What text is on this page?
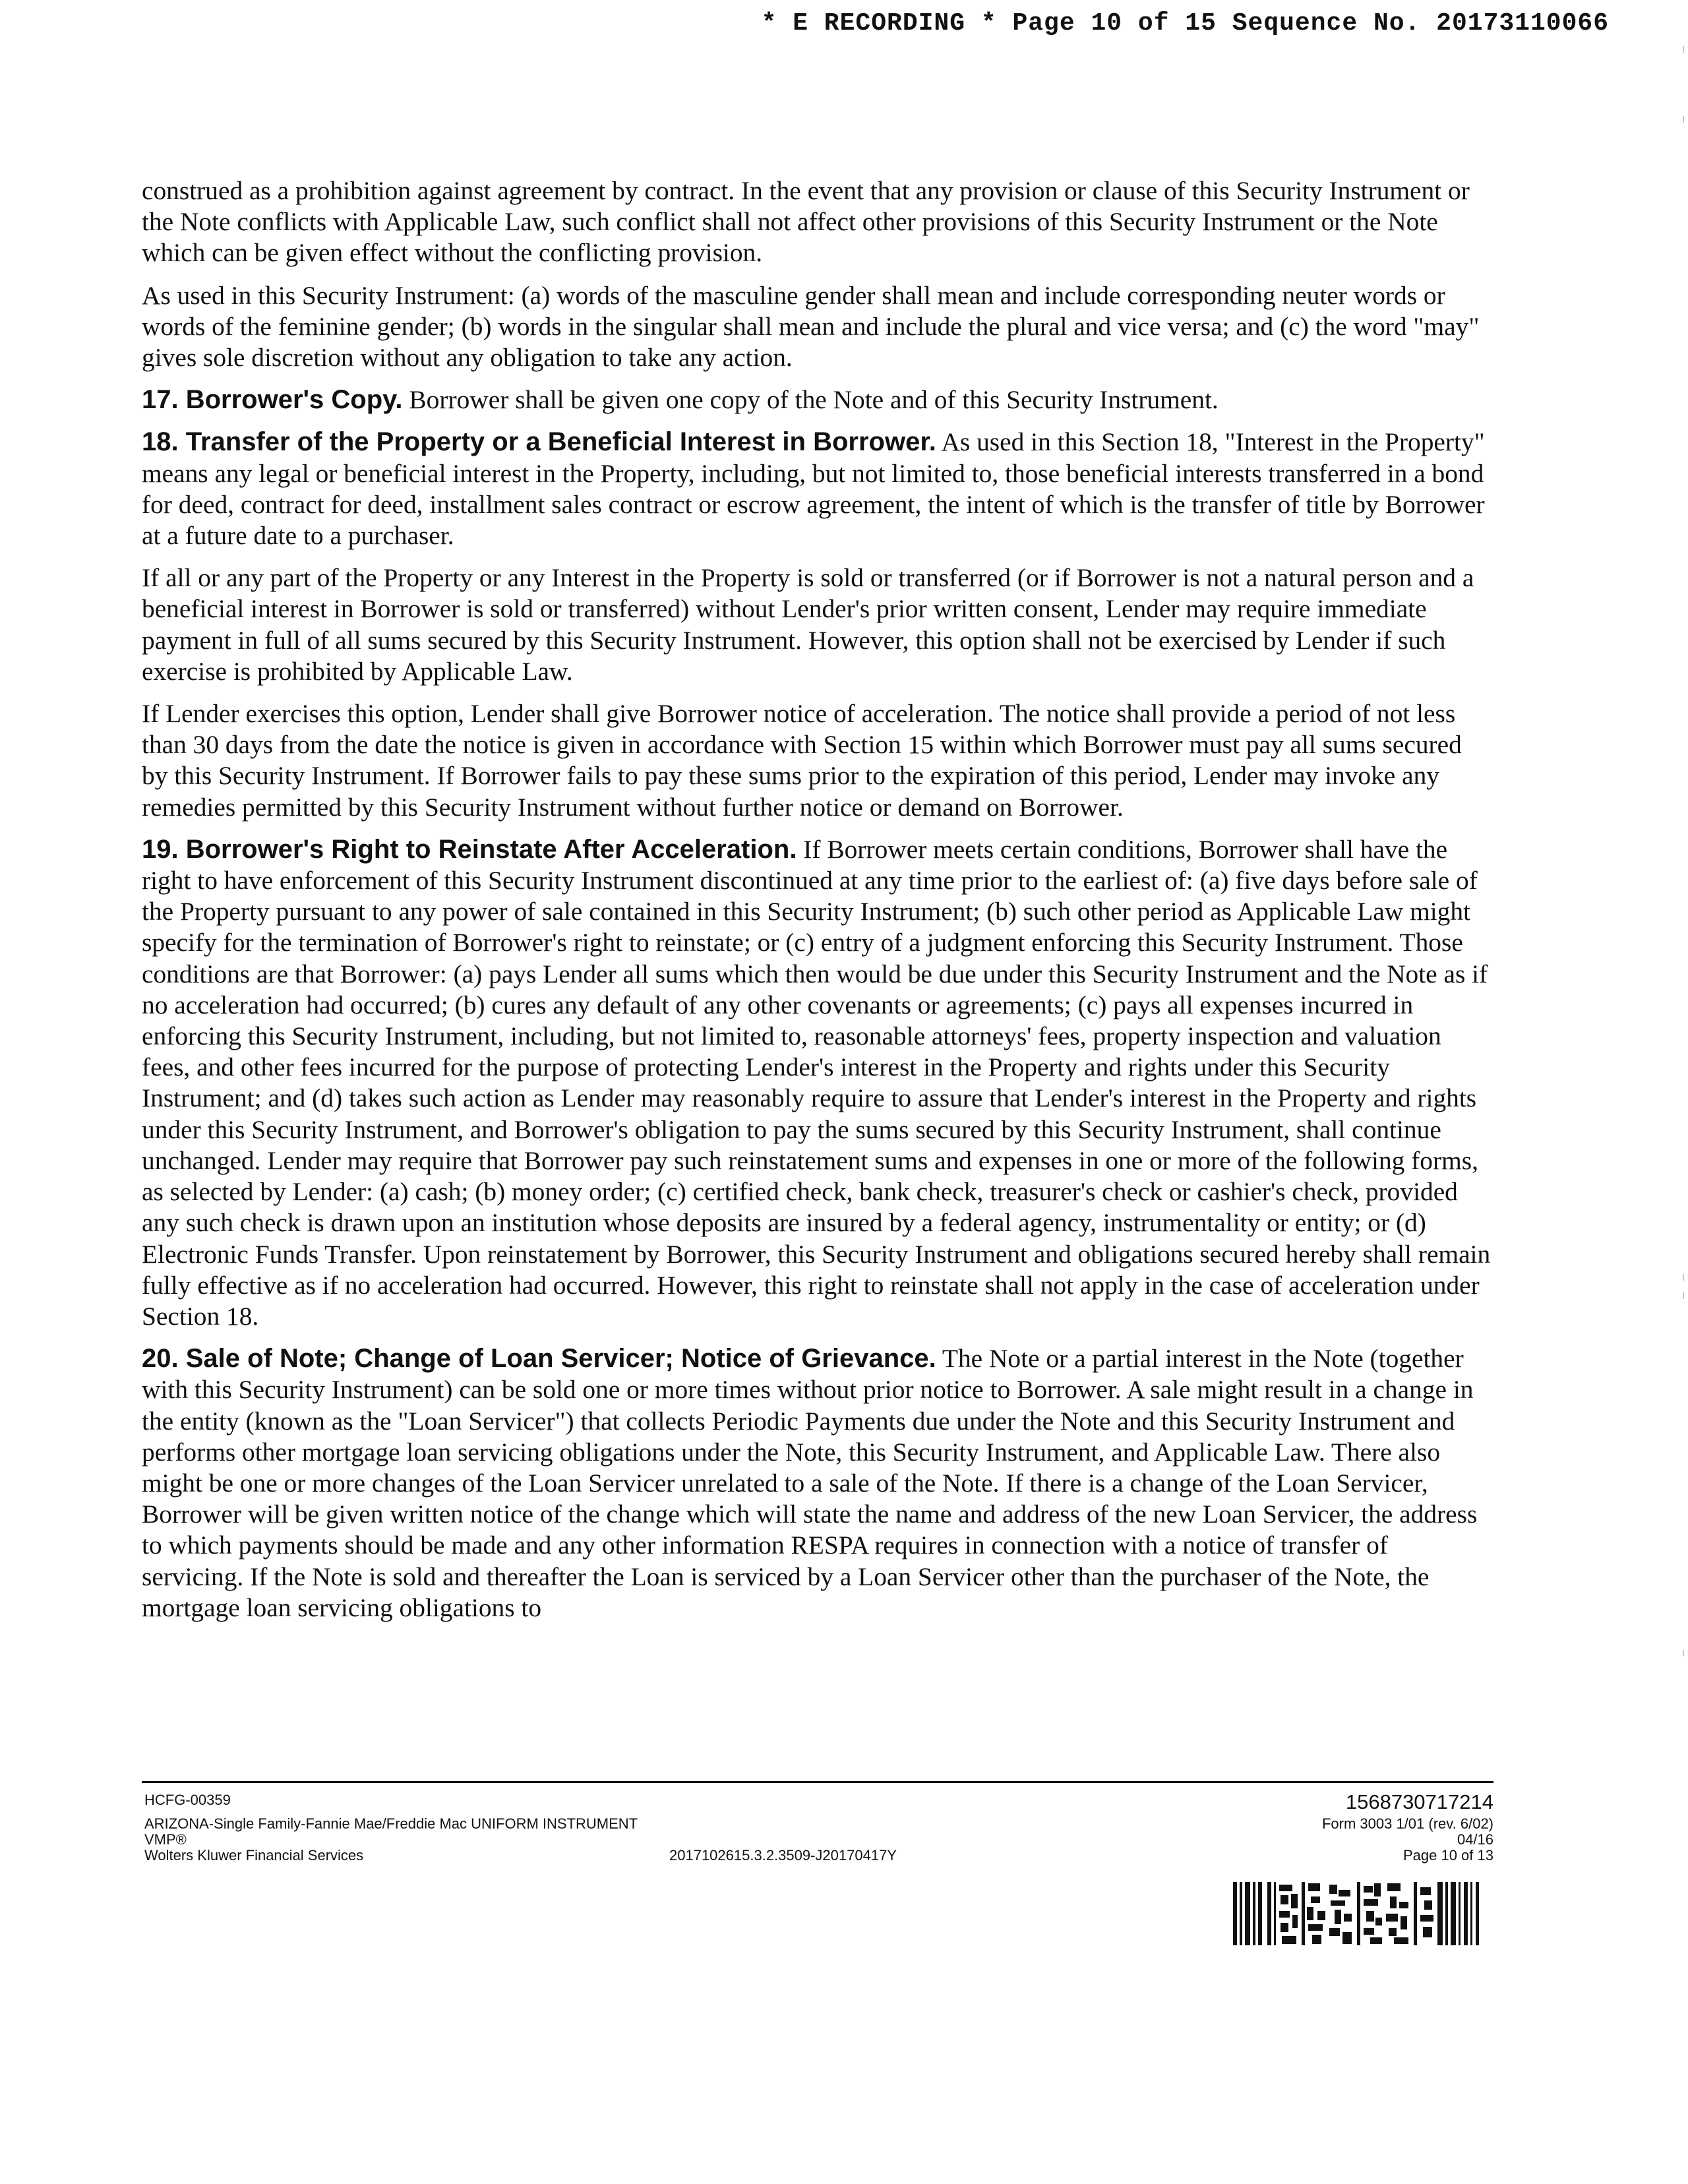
* E RECORDING * Page 10 of 15 Sequence No. 20173110066

construed as a prohibition against agreement by contract. In the event that any provision or clause of this Security Instrument or the Note conflicts with Applicable Law, such conflict shall not affect other provisions of this Security Instrument or the Note which can be given effect without the conflicting provision.

As used in this Security Instrument: (a) words of the masculine gender shall mean and include corresponding neuter words or words of the feminine gender; (b) words in the singular shall mean and include the plural and vice versa; and (c) the word "may" gives sole discretion without any obligation to take any action.

17. Borrower's Copy. Borrower shall be given one copy of the Note and of this Security Instrument.

18. Transfer of the Property or a Beneficial Interest in Borrower. As used in this Section 18, "Interest in the Property" means any legal or beneficial interest in the Property, including, but not limited to, those beneficial interests transferred in a bond for deed, contract for deed, installment sales contract or escrow agreement, the intent of which is the transfer of title by Borrower at a future date to a purchaser.

If all or any part of the Property or any Interest in the Property is sold or transferred (or if Borrower is not a natural person and a beneficial interest in Borrower is sold or transferred) without Lender's prior written consent, Lender may require immediate payment in full of all sums secured by this Security Instrument. However, this option shall not be exercised by Lender if such exercise is prohibited by Applicable Law.

If Lender exercises this option, Lender shall give Borrower notice of acceleration. The notice shall provide a period of not less than 30 days from the date the notice is given in accordance with Section 15 within which Borrower must pay all sums secured by this Security Instrument. If Borrower fails to pay these sums prior to the expiration of this period, Lender may invoke any remedies permitted by this Security Instrument without further notice or demand on Borrower.

19. Borrower's Right to Reinstate After Acceleration. If Borrower meets certain conditions, Borrower shall have the right to have enforcement of this Security Instrument discontinued at any time prior to the earliest of: (a) five days before sale of the Property pursuant to any power of sale contained in this Security Instrument; (b) such other period as Applicable Law might specify for the termination of Borrower's right to reinstate; or (c) entry of a judgment enforcing this Security Instrument. Those conditions are that Borrower: (a) pays Lender all sums which then would be due under this Security Instrument and the Note as if no acceleration had occurred; (b) cures any default of any other covenants or agreements; (c) pays all expenses incurred in enforcing this Security Instrument, including, but not limited to, reasonable attorneys' fees, property inspection and valuation fees, and other fees incurred for the purpose of protecting Lender's interest in the Property and rights under this Security Instrument; and (d) takes such action as Lender may reasonably require to assure that Lender's interest in the Property and rights under this Security Instrument, and Borrower's obligation to pay the sums secured by this Security Instrument, shall continue unchanged. Lender may require that Borrower pay such reinstatement sums and expenses in one or more of the following forms, as selected by Lender: (a) cash; (b) money order; (c) certified check, bank check, treasurer's check or cashier's check, provided any such check is drawn upon an institution whose deposits are insured by a federal agency, instrumentality or entity; or (d) Electronic Funds Transfer. Upon reinstatement by Borrower, this Security Instrument and obligations secured hereby shall remain fully effective as if no acceleration had occurred. However, this right to reinstate shall not apply in the case of acceleration under Section 18.

20. Sale of Note; Change of Loan Servicer; Notice of Grievance. The Note or a partial interest in the Note (together with this Security Instrument) can be sold one or more times without prior notice to Borrower. A sale might result in a change in the entity (known as the "Loan Servicer") that collects Periodic Payments due under the Note and this Security Instrument and performs other mortgage loan servicing obligations under the Note, this Security Instrument, and Applicable Law. There also might be one or more changes of the Loan Servicer unrelated to a sale of the Note. If there is a change of the Loan Servicer, Borrower will be given written notice of the change which will state the name and address of the new Loan Servicer, the address to which payments should be made and any other information RESPA requires in connection with a notice of transfer of servicing. If the Note is sold and thereafter the Loan is serviced by a Loan Servicer other than the purchaser of the Note, the mortgage loan servicing obligations to

HCFG-00359
ARIZONA-Single Family-Fannie Mae/Freddie Mac UNIFORM INSTRUMENT
VMP®
Wolters Kluwer Financial Services	2017102615.3.2.3509-J20170417Y
1568730717214
Form 3003 1/01 (rev. 6/02)
04/16
Page 10 of 13
